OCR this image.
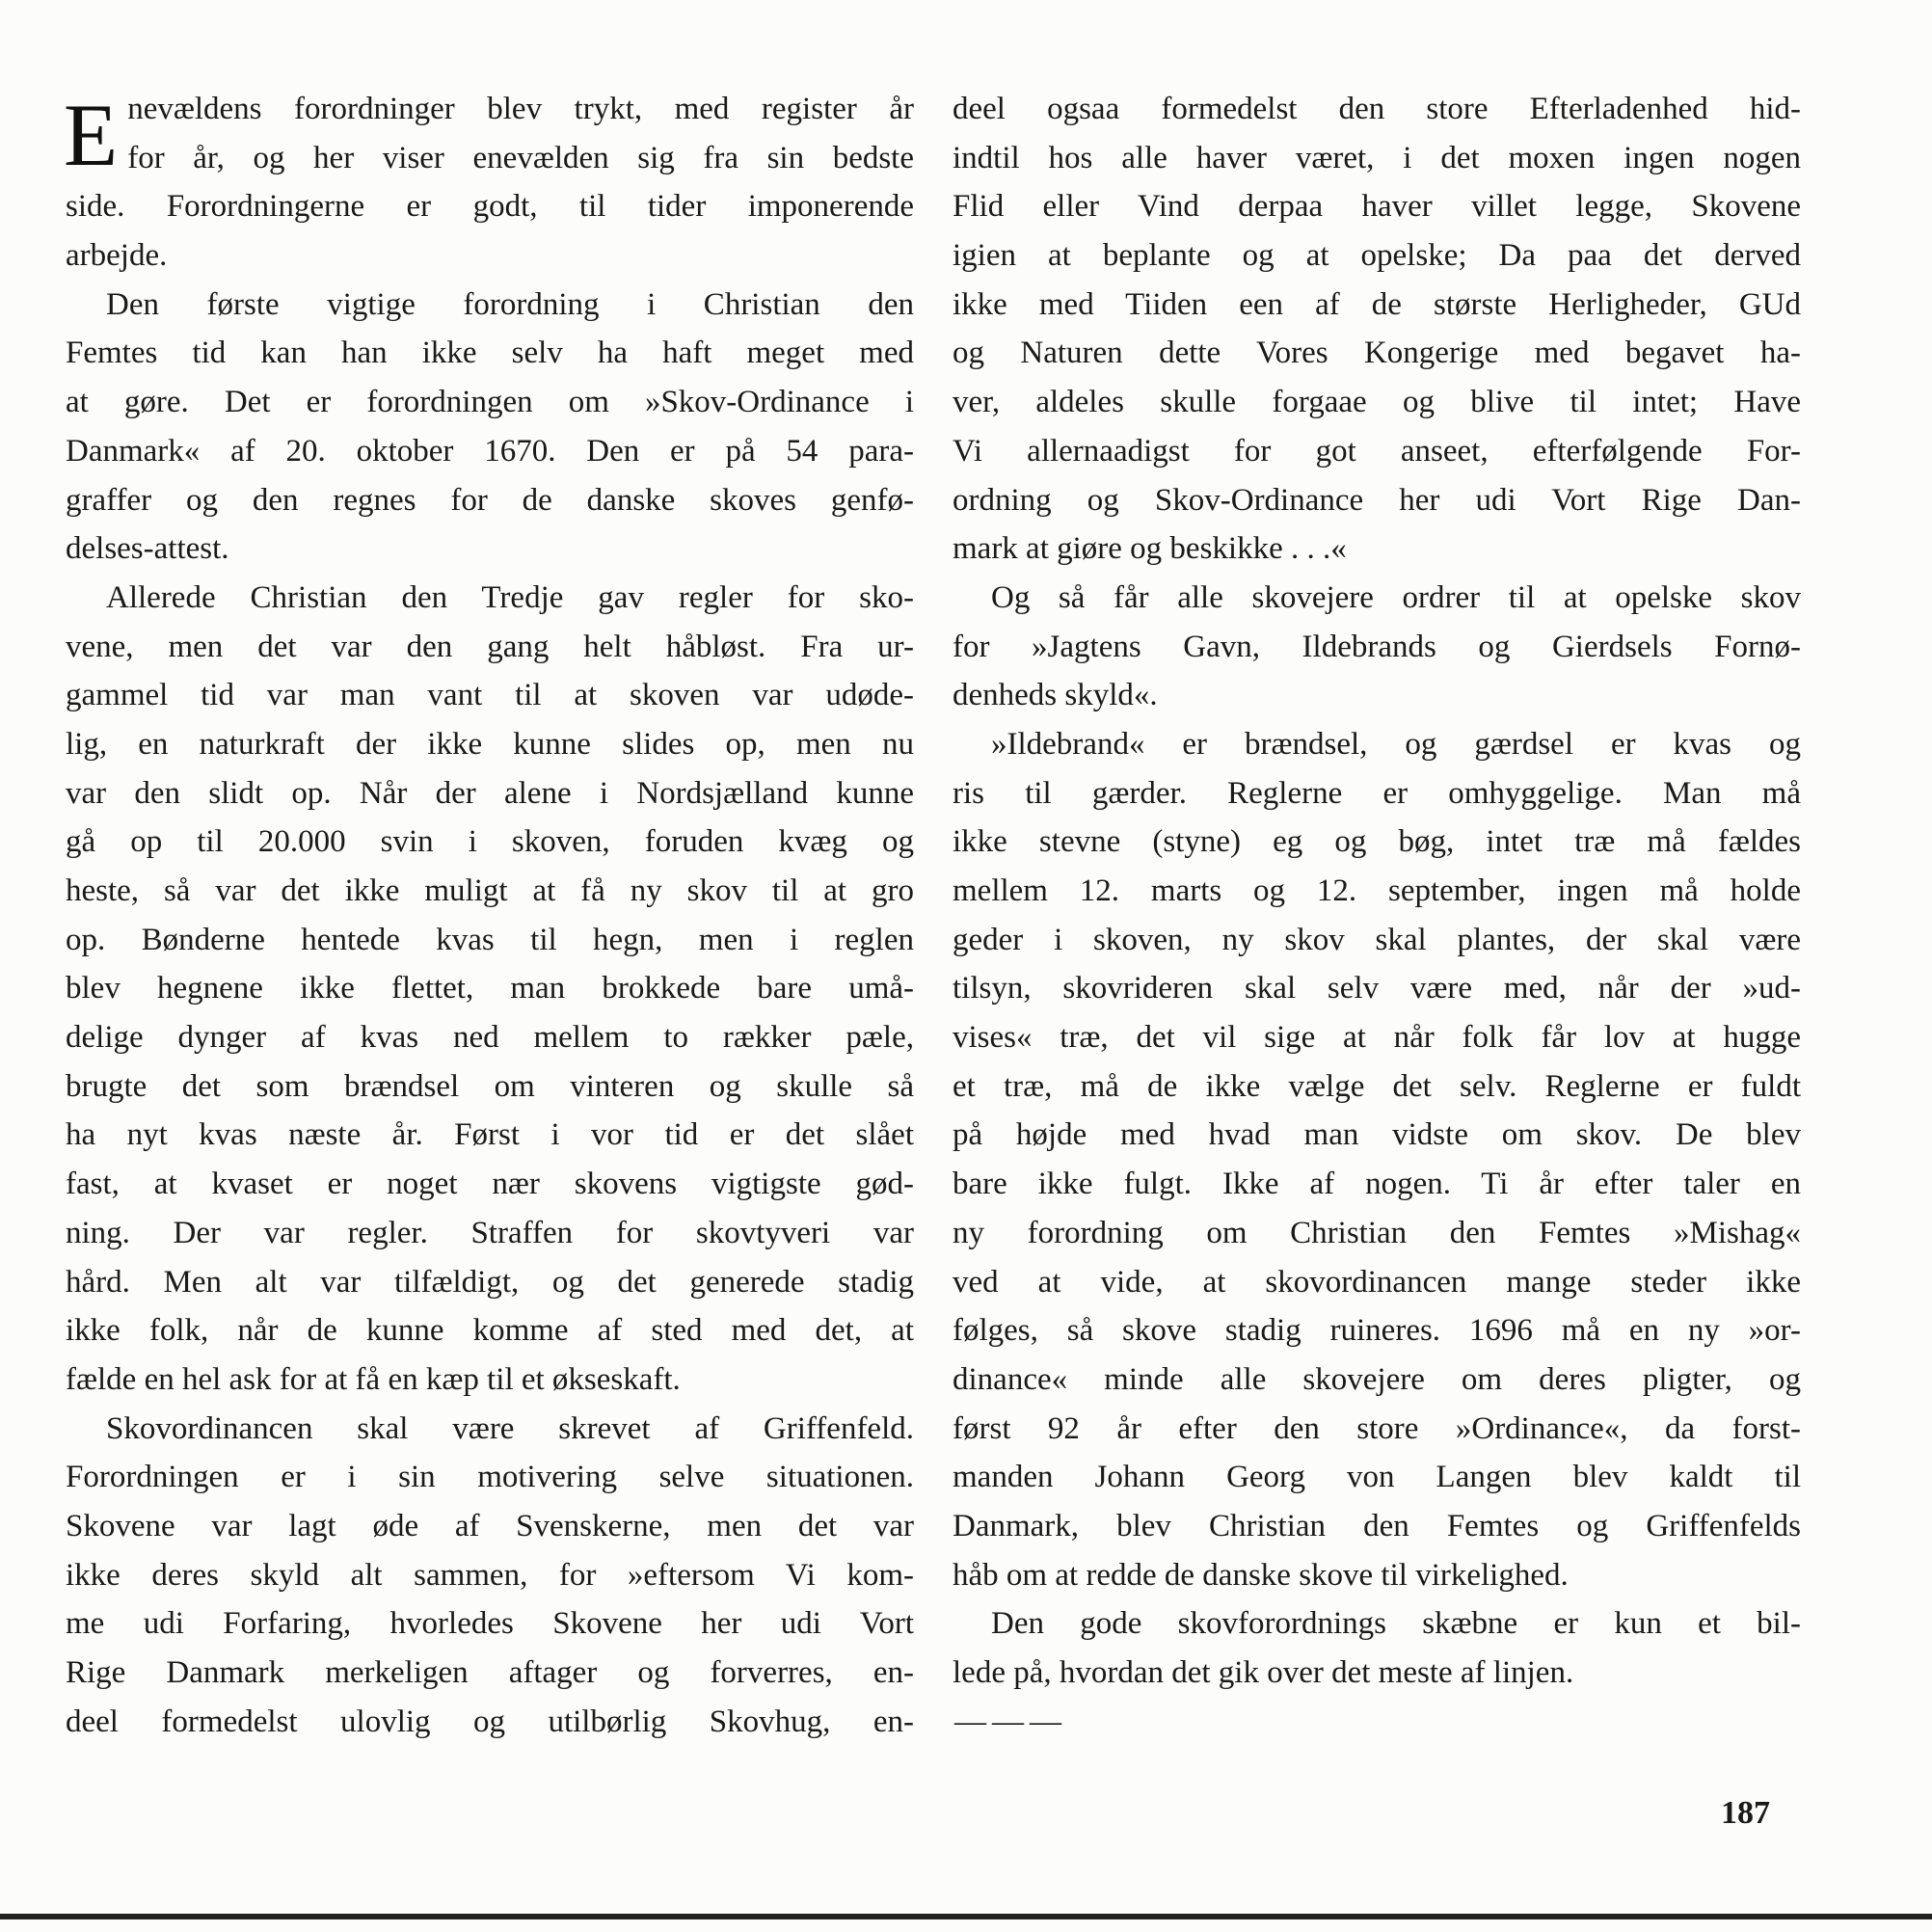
E nevældens forordninger blev trykt, med register år
for år, og her viser enevælden sig fra sin bedste
side. Forordningerne er godt, til tider imponerende
arbejde.
Den første vigtige forordning i Christian den
Femtes tid kan han ikke selv ha haft meget med
at gøre. Det er forordningen om »Skov-Ordinance i
Danmark« af 20. oktober 1670. Den er på 54 para-
graffer og den regnes for de danske skoves genfø-
delses-attest.
Allerede Christian den Tredje gav regler for sko-
vene, men det var den gang helt håbløst. Fra ur-
gammel tid var man vant til at skoven var udøde-
lig, en naturkraft der ikke kunne slides op, men nu
var den slidt op. Når der alene i Nordsjælland kunne
gå op til 20.000 svin i skoven, foruden kvæg og
heste, så var det ikke muligt at få ny skov til at gro
op. Bønderne hentede kvas til hegn, men i reglen
blev hegnene ikke flettet, man brokkede bare umå-
delige dynger af kvas ned mellem to rækker pæle,
brugte det som brændsel om vinteren og skulle så
ha nyt kvas næste år. Først i vor tid er det slået
fast, at kvaset er noget nær skovens vigtigste gød-
ning. Der var regler. Straffen for skovtyveri var
hård. Men alt var tilfældigt, og det generede stadig
ikke folk, når de kunne komme af sted med det, at
fælde en hel ask for at få en kæp til et økseskaft.
Skovordinancen skal være skrevet af Griffenfeld.
Forordningen er i sin motivering selve situationen.
Skovene var lagt øde af Svenskerne, men det var
ikke deres skyld alt sammen, for »eftersom Vi kom-
me udi Forfaring, hvorledes Skovene her udi Vort
Rige Danmark merkeligen aftager og forverres, en-
deel formedelst ulovlig og utilbørlig Skovhug, en-
deel ogsaa formedelst den store Efterladenhed hid-
indtil hos alle haver været, i det moxen ingen nogen
Flid eller Vind derpaa haver villet legge, Skovene
igien at beplante og at opelske; Da paa det derved
ikke med Tiiden een af de største Herligheder, GUd
og Naturen dette Vores Kongerige med begavet ha-
ver, aldeles skulle forgaae og blive til intet; Have
Vi allernaadigst for got anseet, efterfølgende For-
ordning og Skov-Ordinance her udi Vort Rige Dan-
mark at giøre og beskikke . . .«
Og så får alle skovejere ordrer til at opelske skov
for »Jagtens Gavn, Ildebrands og Gierdsels Fornø-
denheds skyld«.
»Ildebrand« er brændsel, og gærdsel er kvas og
ris til gærder. Reglerne er omhyggelige. Man må
ikke stevne (styne) eg og bøg, intet træ må fældes
mellem 12. marts og 12. september, ingen må holde
geder i skoven, ny skov skal plantes, der skal være
tilsyn, skovrideren skal selv være med, når der »ud-
vises« træ, det vil sige at når folk får lov at hugge
et træ, må de ikke vælge det selv. Reglerne er fuldt
på højde med hvad man vidste om skov. De blev
bare ikke fulgt. Ikke af nogen. Ti år efter taler en
ny forordning om Christian den Femtes »Mishag«
ved at vide, at skovordinancen mange steder ikke
følges, så skove stadig ruineres. 1696 må en ny »or-
dinance« minde alle skovejere om deres pligter, og
først 92 år efter den store »Ordinance«, da forst-
manden Johann Georg von Langen blev kaldt til
Danmark, blev Christian den Femtes og Griffenfelds
håb om at redde de danske skove til virkelighed.
Den gode skovforordnings skæbne er kun et bil-
lede på, hvordan det gik over det meste af linjen.
———
187
